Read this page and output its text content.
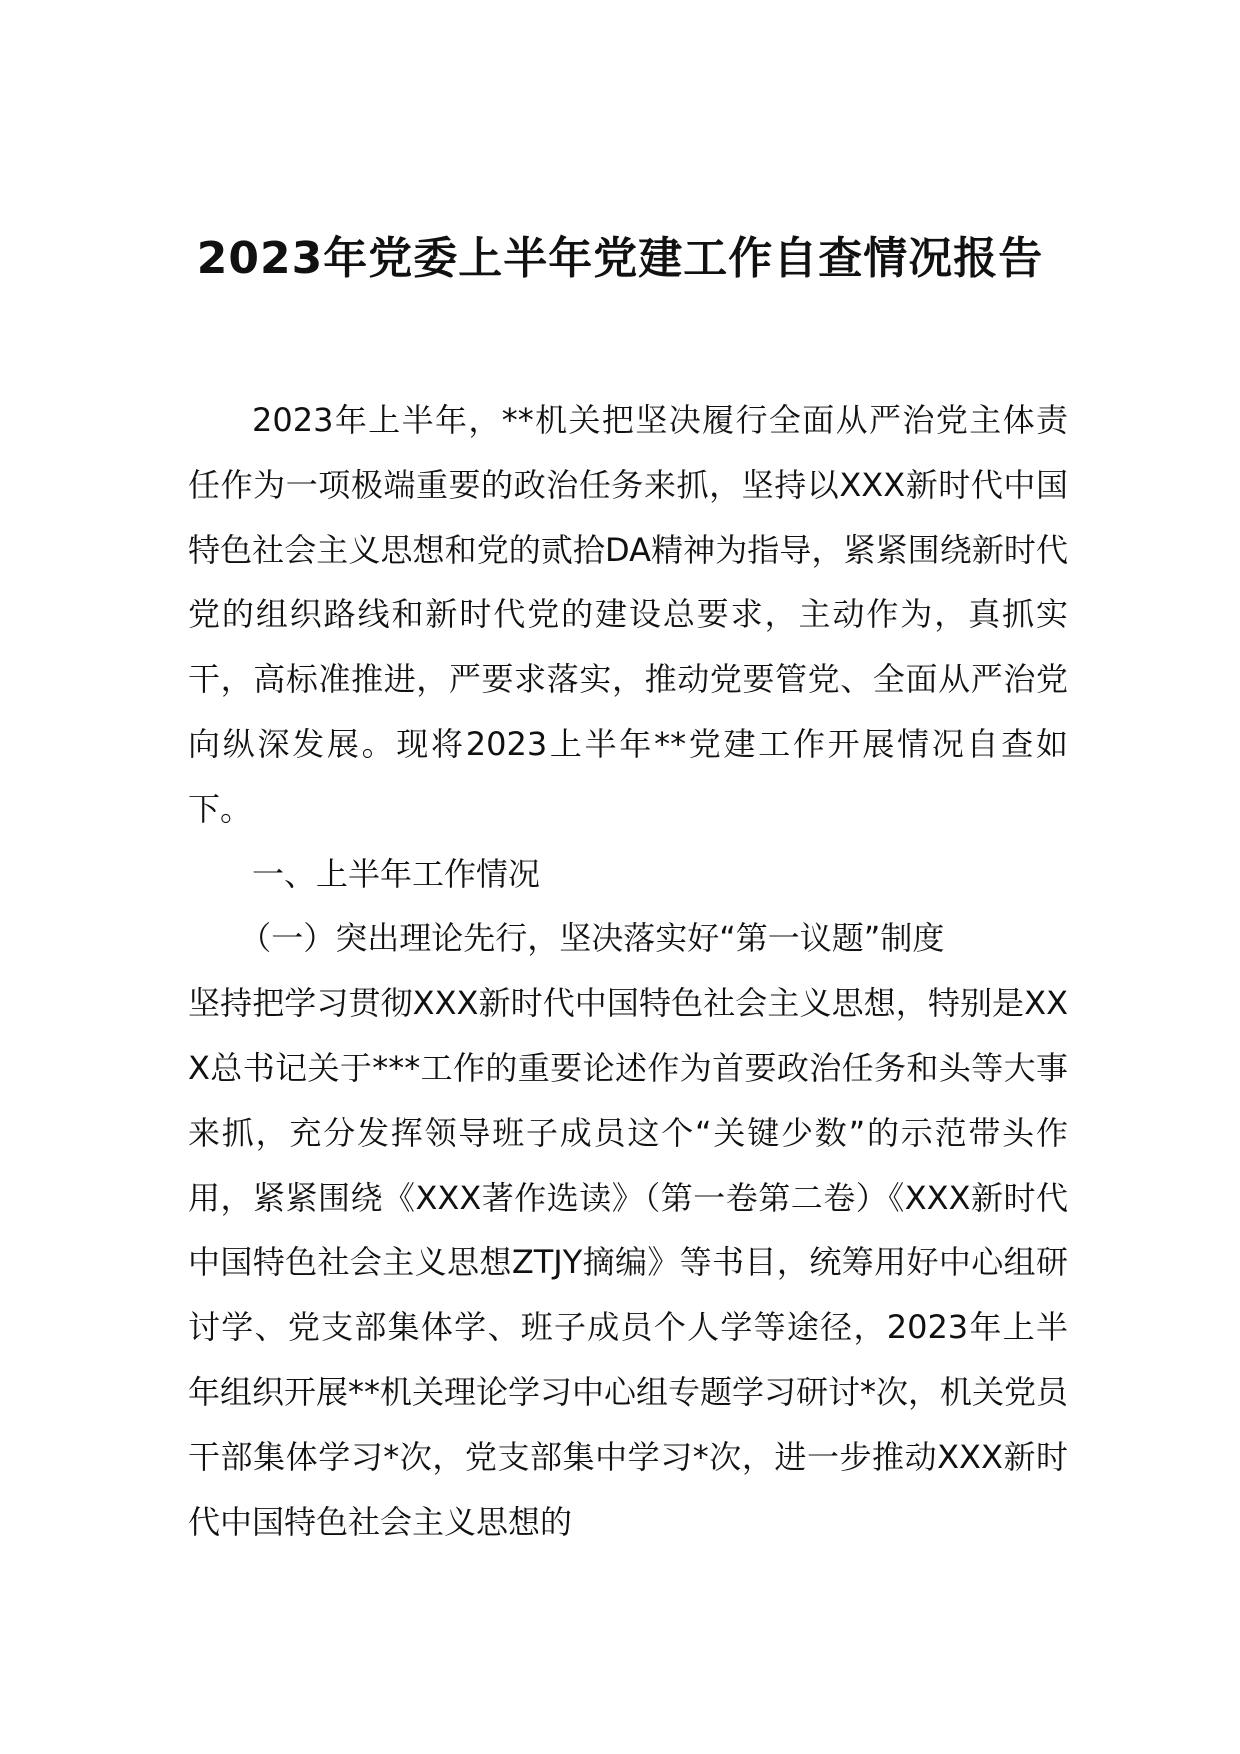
2023年党委上半年党建工作自查情况报告

2023年上半年，**机关把坚决履行全面从严治党主体责任作为一项极端重要的政治任务来抓，坚持以XXX新时代中国特色社会主义思想和党的贰拾DA精神为指导，紧紧围绕新时代党的组织路线和新时代党的建设总要求，主动作为，真抓实干，高标准推进，严要求落实，推动党要管党、全面从严治党向纵深发展。现将2023上半年**党建工作开展情况自查如下。

一、上半年工作情况

（一）突出理论先行，坚决落实好“第一议题”制度

坚持把学习贯彻XXX新时代中国特色社会主义思想，特别是XXX总书记关于***工作的重要论述作为首要政治任务和头等大事来抓，充分发挥领导班子成员这个“关键少数”的示范带头作用，紧紧围绕《XXX著作选读》（第一卷第二卷）《XXX新时代中国特色社会主义思想ZTJY摘编》等书目，统筹用好中心组研讨学、党支部集体学、班子成员个人学等途径，2023年上半年组织开展**机关理论学习中心组专题学习研讨*次，机关党员干部集体学习*次，党支部集中学习*次，进一步推动XXX新时代中国特色社会主义思想的
